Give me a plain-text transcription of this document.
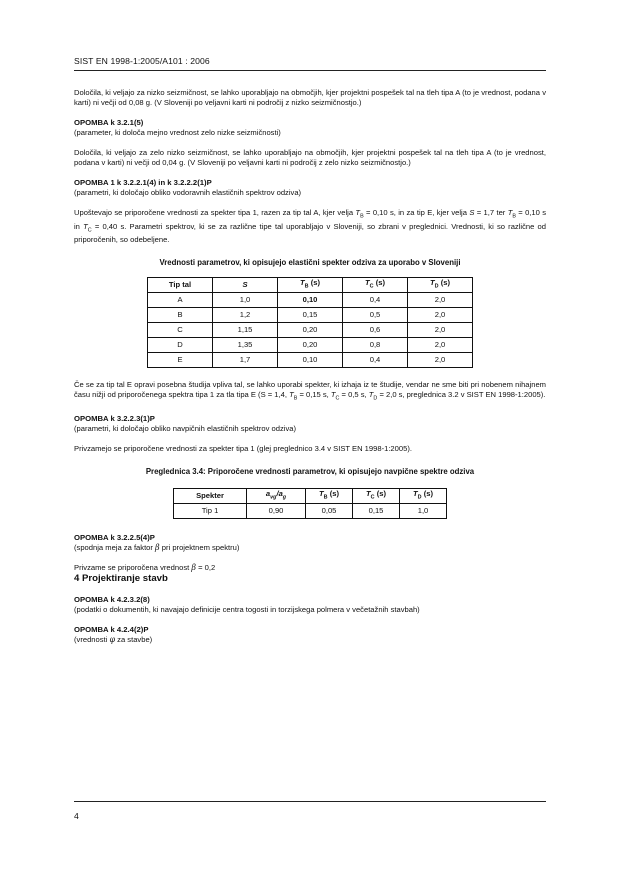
SIST EN 1998-1:2005/A101 : 2006

Določila, ki veljajo za nizko seizmičnost, se lahko uporabljajo na območjih, kjer projektni pospešek tal na tleh tipa A (to je vrednost, podana v karti) ni večji od 0,08 g. (V Sloveniji po veljavni karti ni področij z nizko seizmičnostjo.)

OPOMBA k 3.2.1(5)

(parameter, ki določa mejno vrednost zelo nizke seizmičnosti)

Določila, ki veljajo za zelo nizko seizmičnost, se lahko uporabljajo na območjih, kjer projektni pospešek tal na tleh tipa A (to je vrednost, podana v karti) ni večji od 0,04 g. (V Sloveniji po veljavni karti ni področij z zelo nizko seizmičnostjo.)

OPOMBA 1 k 3.2.2.1(4) in k 3.2.2.2(1)P

(parametri, ki določajo obliko vodoravnih elastičnih spektrov odziva)

Upoštevajo se priporočene vrednosti za spekter tipa 1, razen za tip tal A, kjer velja $T_B = 0,10$ s, in za tip E, kjer velja S = 1,7 ter $T_B = 0,10$ s in $T_C = 0,40$ s. Parametri spektrov, ki se za različne tipe tal uporabljajo v Sloveniji, so zbrani v preglednici. Vrednosti, ki so različne od priporočenih, so odebeljene.

Vrednosti parametrov, ki opisujejo elastični spekter odziva za uporabo v Sloveniji
Tip tal	S	$T_B$ (s)	$T_C$ (s)	$T_D$ (s)
A	1,0	0,10	0,4	2,0
B	1,2	0,15	0,5	2,0
C	1,15	0,20	0,6	2,0
D	1,35	0,20	0,8	2,0
E	1,7	0,10	0,4	2,0

Če se za tip tal E opravi posebna študija vpliva tal, se lahko uporabi spekter, ki izhaja iz te študije, vendar ne sme biti pri nobenem nihajnem času nižji od priporočenega spektra tipa 1 za tla tipa E (S = 1,4, $T_B = 0,15$ s, $T_C = 0,5$ s, $T_D = 2,0$ s, preglednica 3.2 v SIST EN 1998-1:2005).

OPOMBA k 3.2.2.3(1)P

(parametri, ki določajo obliko navpičnih elastičnih spektrov odziva)

Privzamejo se priporočene vrednosti za spekter tipa 1 (glej preglednico 3.4 v SIST EN 1998-1:2005).

Preglednica 3.4: Priporočene vrednosti parametrov, ki opisujejo navpične spektre odziva
Spekter	$a_{vg}/a_g$	$T_B$ (s)	$T_C$ (s)	$T_D$ (s)
Tip 1	0,90	0,05	0,15	1,0
OPOMBA k 3.2.2.5(4)P

(spodnja meja za faktor β pri projektnem spektru)

Privzame se priporočena vrednost β = 0,2

4 Projektiranje stavb
OPOMBA k 4.2.3.2(8)

(podatki o dokumentih, ki navajajo definicije centra togosti in torzijskega polmera v večetažnih stavbah)

OPOMBA k 4.2.4(2)P

(vrednosti φ za stavbe)

4
